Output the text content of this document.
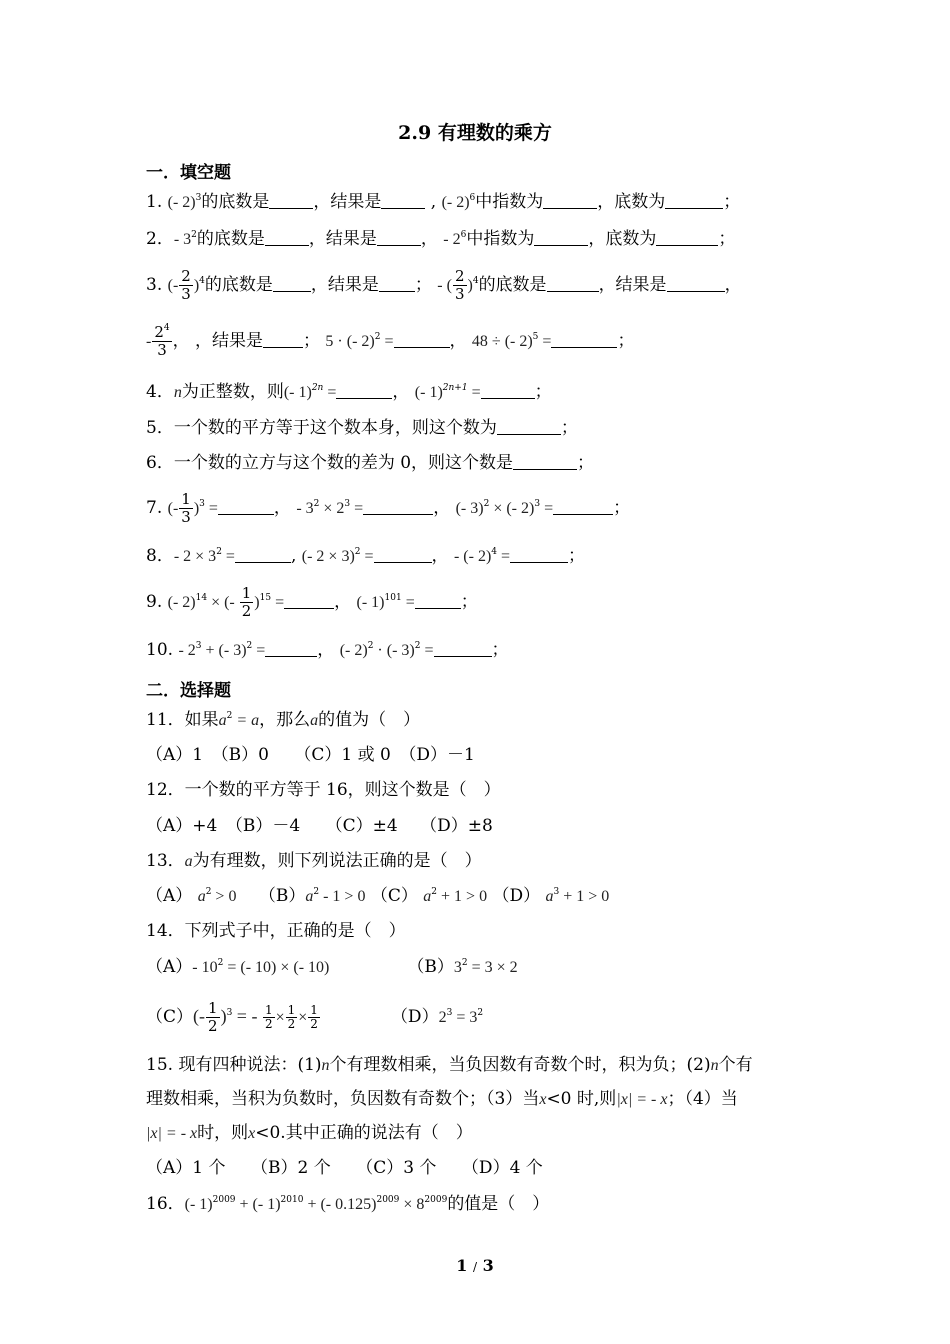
2.9 有理数的乘方
一．填空题
1. (- 2)$^3$的底数是	，结果是	, (- 2)$^6$中指数为	，底数为	；
2．- $3^2$的底数是	，结果是	， - $2^6$中指数为	，底数为	；
3. (- $\frac{2}{3} )^4$的底数是 ，结果是 ； - ( $\frac{2}{3} )^4$的底数是	，结果是	，
- $\frac{2^4}{3}$ ， ，结果是 ； 5 · (- 2)$^2$ =	， 48 ÷ (- 2)$^5$ =	；
4．n为正整数，则(- 1)$^{2n}$ =	， (- 1)$^{2n+1}$ =	；
5．一个数的平方等于这个数本身，则这个数为	；
6．一个数的立方与这个数的差为 0，则这个数是	；
7. (- $\frac{1}{3} )^3$ =	， - $3^2 \times 2^3$ =	， (- 3)$^2$ × (- 2)$^3$ =	；
8．- $2 \times 3^2$ =	, (- 2 × 3)$^2$ =	， - (- 2)$^4$ =	；
9. (- 2)$^{14}$ × (- $\frac{1}{2} )^{15}$ =	， (- 1)$^{101}$ =	；
10. - $2^3$ + (- 3)$^2$ =	， (- 2)$^2$ · (- 3)$^2$ =	；
二．选择题
11．如果$a^2 = a$，那么a的值为（　）
（A）1　（B）0　　（C）1 或 0　（D）－1
12．一个数的平方等于 16，则这个数是（　）
（A）+4　（B）－4　　（C）±4　 （D）±8
13．a为有理数，则下列说法正确的是（　）
（A） $a^2 > 0$　 $(B)a^2 - 1 > 0$ （C） $a^2 + 1 > 0$ （D） $a^3 + 1 > 0$
14．下列式子中，正确的是（　）
（A）- $10^2$ = (- 10) × (- 10)	$(B)3^2 = 3 \times 2$
$(C)(- \frac{1}{2} )^3$ = - $\frac{1}{2} \times \frac{1}{2} \times \frac{1}{2}$	$(D)2^3 = 3^2$
15. 现有四种说法：(1)n个有理数相乘，当负因数有奇数个时，积为负；(2)n个有
理数相乘，当积为负数时，负因数有奇数个；（3）当x<0 时,则|x| = - x；（4）当
|x| = - x时，则x<0.其中正确的说法有（　）
（A）1 个　　（B）2 个　　（C）3 个　　（D）4 个
16．(- 1)$^{2009}$ + (- 1)$^{2010}$ + (- $0.125)^{2009} \times 8^{2009}$的值是（　）
1 / 3
